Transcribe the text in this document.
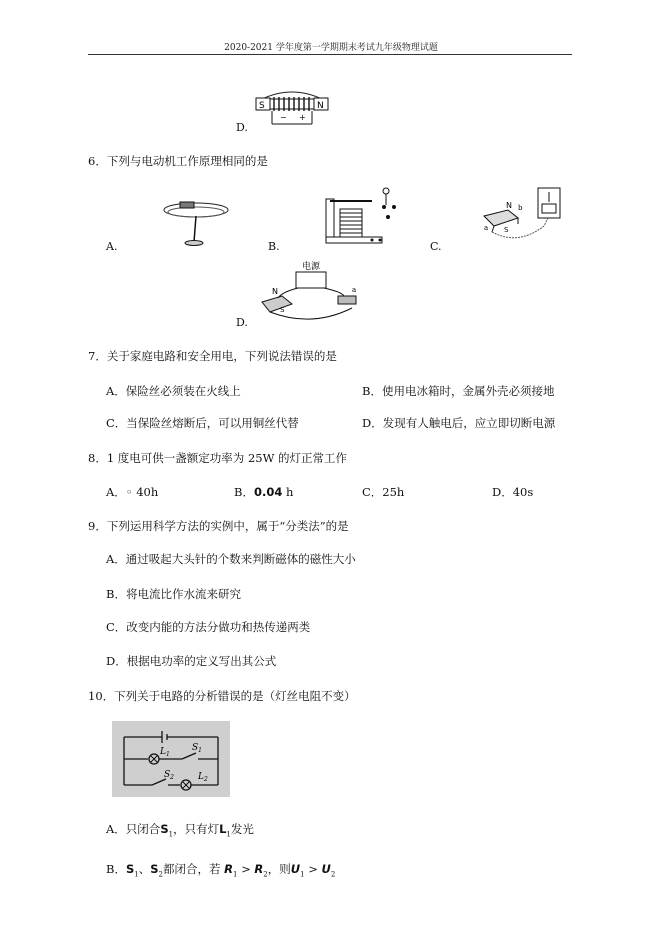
2020-2021 学年度第一学期期末考试九年级物理试题
S	N
− +
D.
6．下列与电动机工作原理相同的是
A.	B.
N b
a S
C.
电源
N
S
a
D.
7．关于家庭电路和安全用电，下列说法错误的是
A．保险丝必须装在火线上	B．使用电冰箱时，金属外壳必须接地
C．当保险丝熔断后，可以用铜丝代替	D．发现有人触电后，应立即切断电源
8．1 度电可供一盏额定功率为 25W 的灯正常工作
A．◦ 40h	B．0.04 h	C．25h	D．40s
9．下列运用科学方法的实例中，属于“分类法”的是
A．通过吸起大头针的个数来判断磁体的磁性大小
B．将电流比作水流来研究
C．改变内能的方法分做功和热传递两类
D．根据电功率的定义写出其公式
10．下列关于电路的分析错误的是（灯丝电阻不变）
$L_1$
$S_1$
$S_2$	$L_2$
A．只闭合$S_1$，只有灯$L_1$发光
B．$S_1$、$S_2$都闭合，若 $R_1 > R_2$，则$U_1 > U_2$
